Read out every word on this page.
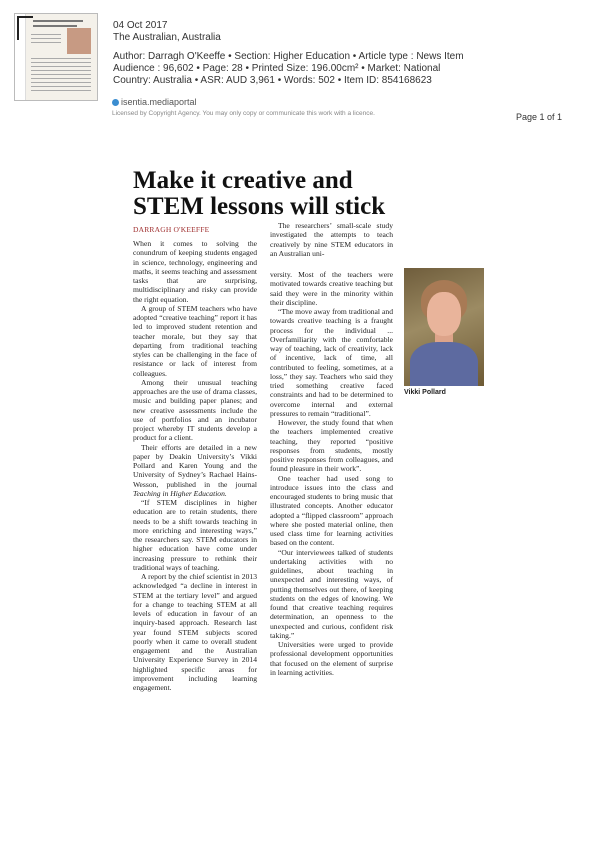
04 Oct 2017
The Australian, Australia
Author: Darragh O'Keeffe • Section: Higher Education • Article type : News Item
Audience : 96,602 • Page: 28 • Printed Size: 196.00cm² • Market: National
Country: Australia • ASR: AUD 3,961 • Words: 502 • Item ID: 854168623
isentia.mediaportal
Licensed by Copyright Agency. You may only copy or communicate this work with a licence.	Page 1 of 1
Make it creative and STEM lessons will stick
DARRAGH O'KEEFFE

When it comes to solving the conundrum of keeping students engaged in science, technology, engineering and maths, it seems teaching and assessment tasks that are surprising, multidisciplinary and risky can provide the right equation.

A group of STEM teachers who have adopted “creative teaching” report it has led to improved student retention and teacher morale, but they say that departing from traditional teaching styles can be challenging in the face of resistance or lack of interest from colleagues.

Among their unusual teaching approaches are the use of drama classes, music and building paper planes; and new creative assessments include the use of portfolios and an incubator project whereby IT students develop a product for a client.

Their efforts are detailed in a new paper by Deakin University’s Vikki Pollard and Karen Young and the University of Sydney’s Rachael Hains-Wesson, published in the journal Teaching in Higher Education.

“If STEM disciplines in higher education are to retain students, there needs to be a shift towards teaching in more enriching and interesting ways,” the researchers say. STEM educators in higher education have come under increasing pressure to rethink their traditional ways of teaching.

A report by the chief scientist in 2013 acknowledged “a decline in interest in STEM at the tertiary level” and argued for a change to teaching STEM at all levels of education in favour of an inquiry-based approach. Research last year found STEM subjects scored poorly when it came to overall student engagement and the Australian University Experience Survey in 2014 highlighted specific areas for improvement including learning engagement.

The researchers’ small-scale study investigated the attempts to teach creatively by nine STEM educators in an Australian uni-

versity. Most of the teachers were motivated towards creative teaching but said they were in the minority within their discipline.

“The move away from traditional and towards creative teaching is a fraught process for the individual ... Overfamiliarity with the comfortable way of teaching, lack of creativity, lack of incentive, lack of time, all contributed to feeling, sometimes, at a loss,” they say. Teachers who said they tried something creative faced constraints and had to be determined to overcome internal and external pressures to remain “traditional”.

However, the study found that when the teachers implemented creative teaching, they reported “positive responses from students, mostly positive responses from colleagues, and found pleasure in their work”.

One teacher had used song to introduce issues into the class and encouraged students to bring music that illustrated concepts. Another educator adopted a “flipped classroom” approach where she posted material online, then used class time for learning activities based on the content.

“Our interviewees talked of students undertaking activities with no guidelines, about teaching in unexpected and interesting ways, of putting themselves out there, of keeping students on the edges of knowing. We found that creative teaching requires determination, an openness to the unexpected and curious, confident risk taking.”

Universities were urged to provide professional development opportunities that focused on the element of surprise in learning activities.

Vikki Pollard
